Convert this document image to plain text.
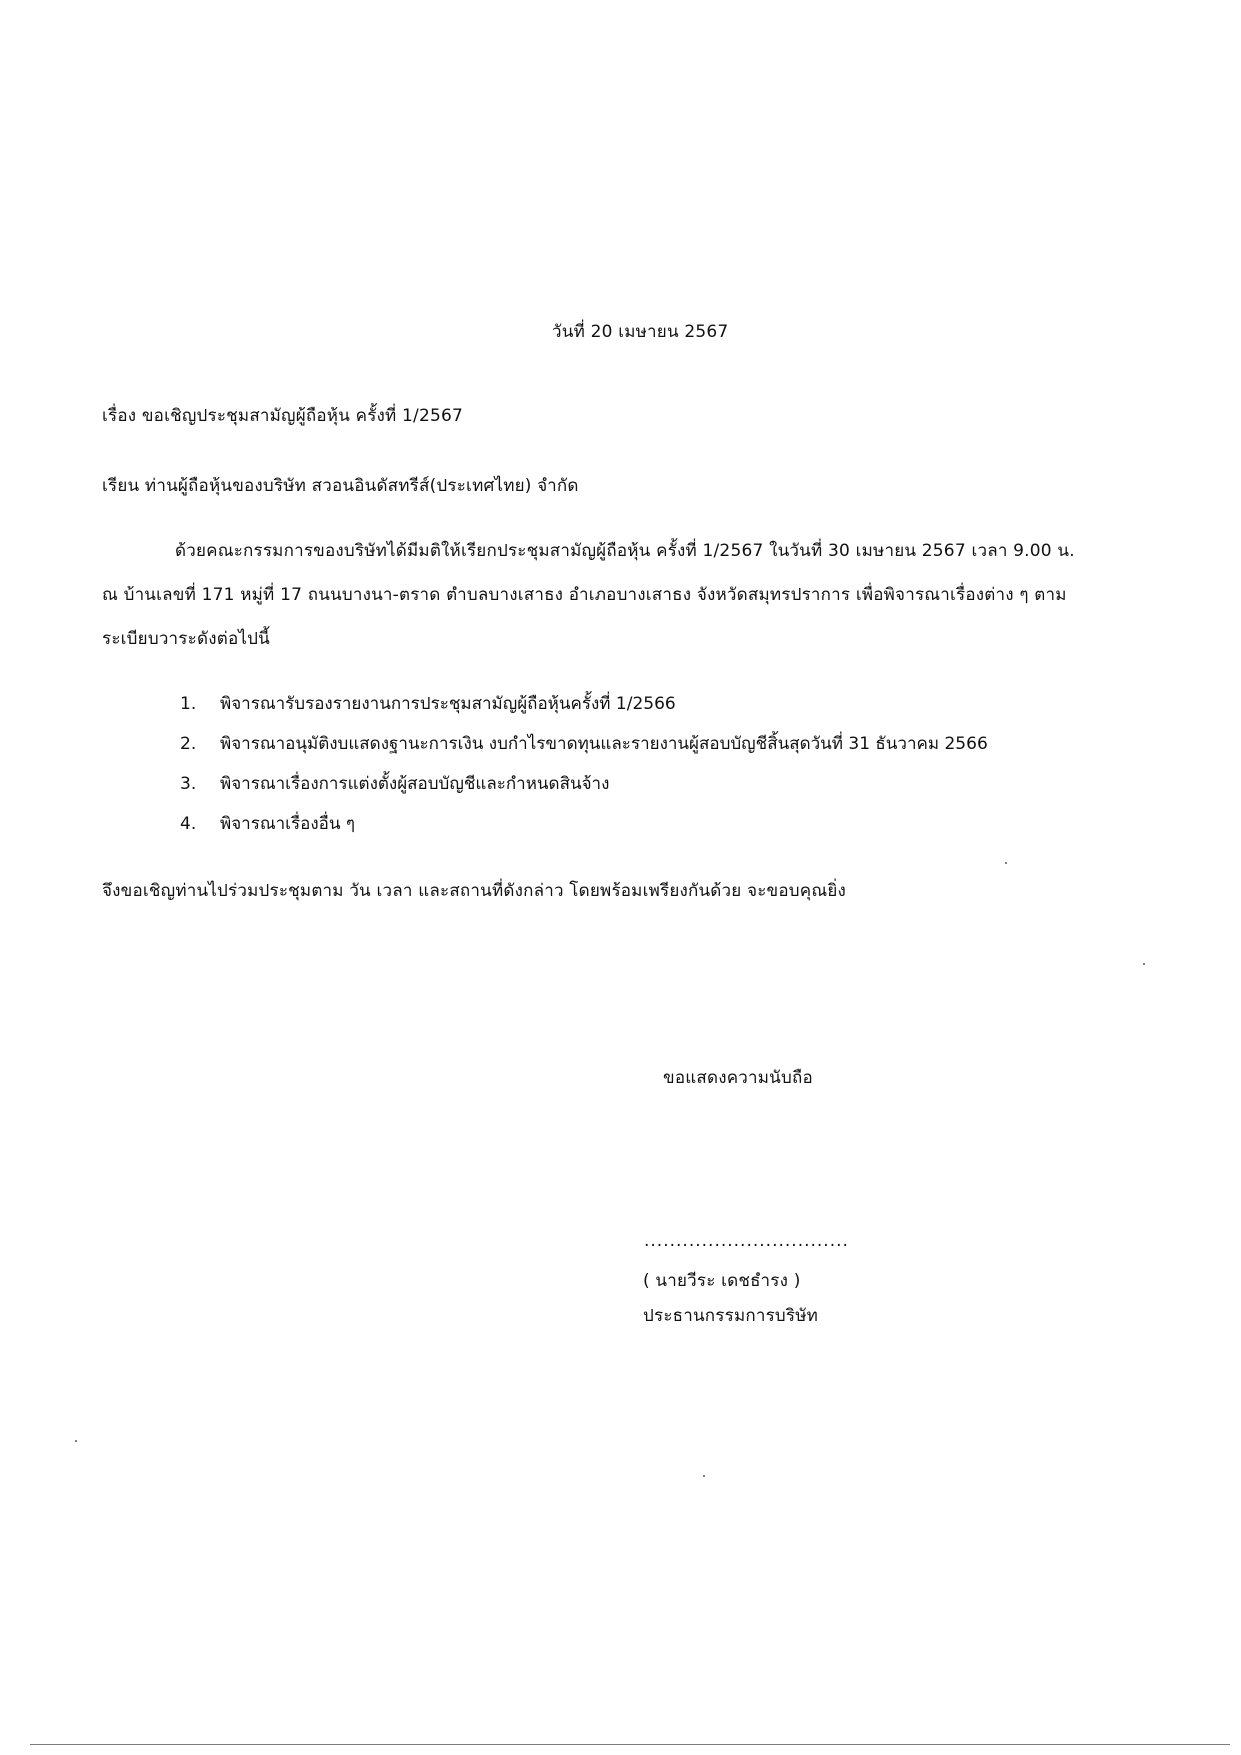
วันที่ 20 เมษายน 2567
เรื่อง ขอเชิญประชุมสามัญผู้ถือหุ้น ครั้งที่ 1/2567
เรียน ท่านผู้ถือหุ้นของบริษัท สวอนอินดัสทรีส์(ประเทศไทย) จำกัด
ด้วยคณะกรรมการของบริษัทได้มีมติให้เรียกประชุมสามัญผู้ถือหุ้น ครั้งที่ 1/2567 ในวันที่ 30 เมษายน 2567 เวลา 9.00 น.
ณ บ้านเลขที่ 171 หมู่ที่ 17 ถนนบางนา-ตราด ตำบลบางเสาธง อำเภอบางเสาธง จังหวัดสมุทรปราการ เพื่อพิจารณาเรื่องต่าง ๆ ตาม
ระเบียบวาระดังต่อไปนี้
1. พิจารณารับรองรายงานการประชุมสามัญผู้ถือหุ้นครั้งที่ 1/2566
2. พิจารณาอนุมัติงบแสดงฐานะการเงิน งบกำไรขาดทุนและรายงานผู้สอบบัญชีสิ้นสุดวันที่ 31 ธันวาคม 2566
3. พิจารณาเรื่องการแต่งตั้งผู้สอบบัญชีและกำหนดสินจ้าง
4. พิจารณาเรื่องอื่น ๆ
จึงขอเชิญท่านไปร่วมประชุมตาม วัน เวลา และสถานที่ดังกล่าว โดยพร้อมเพรียงกันด้วย จะขอบคุณยิ่ง
ขอแสดงความนับถือ
................................
( นายวีระ เดชธำรง )
ประธานกรรมการบริษัท
